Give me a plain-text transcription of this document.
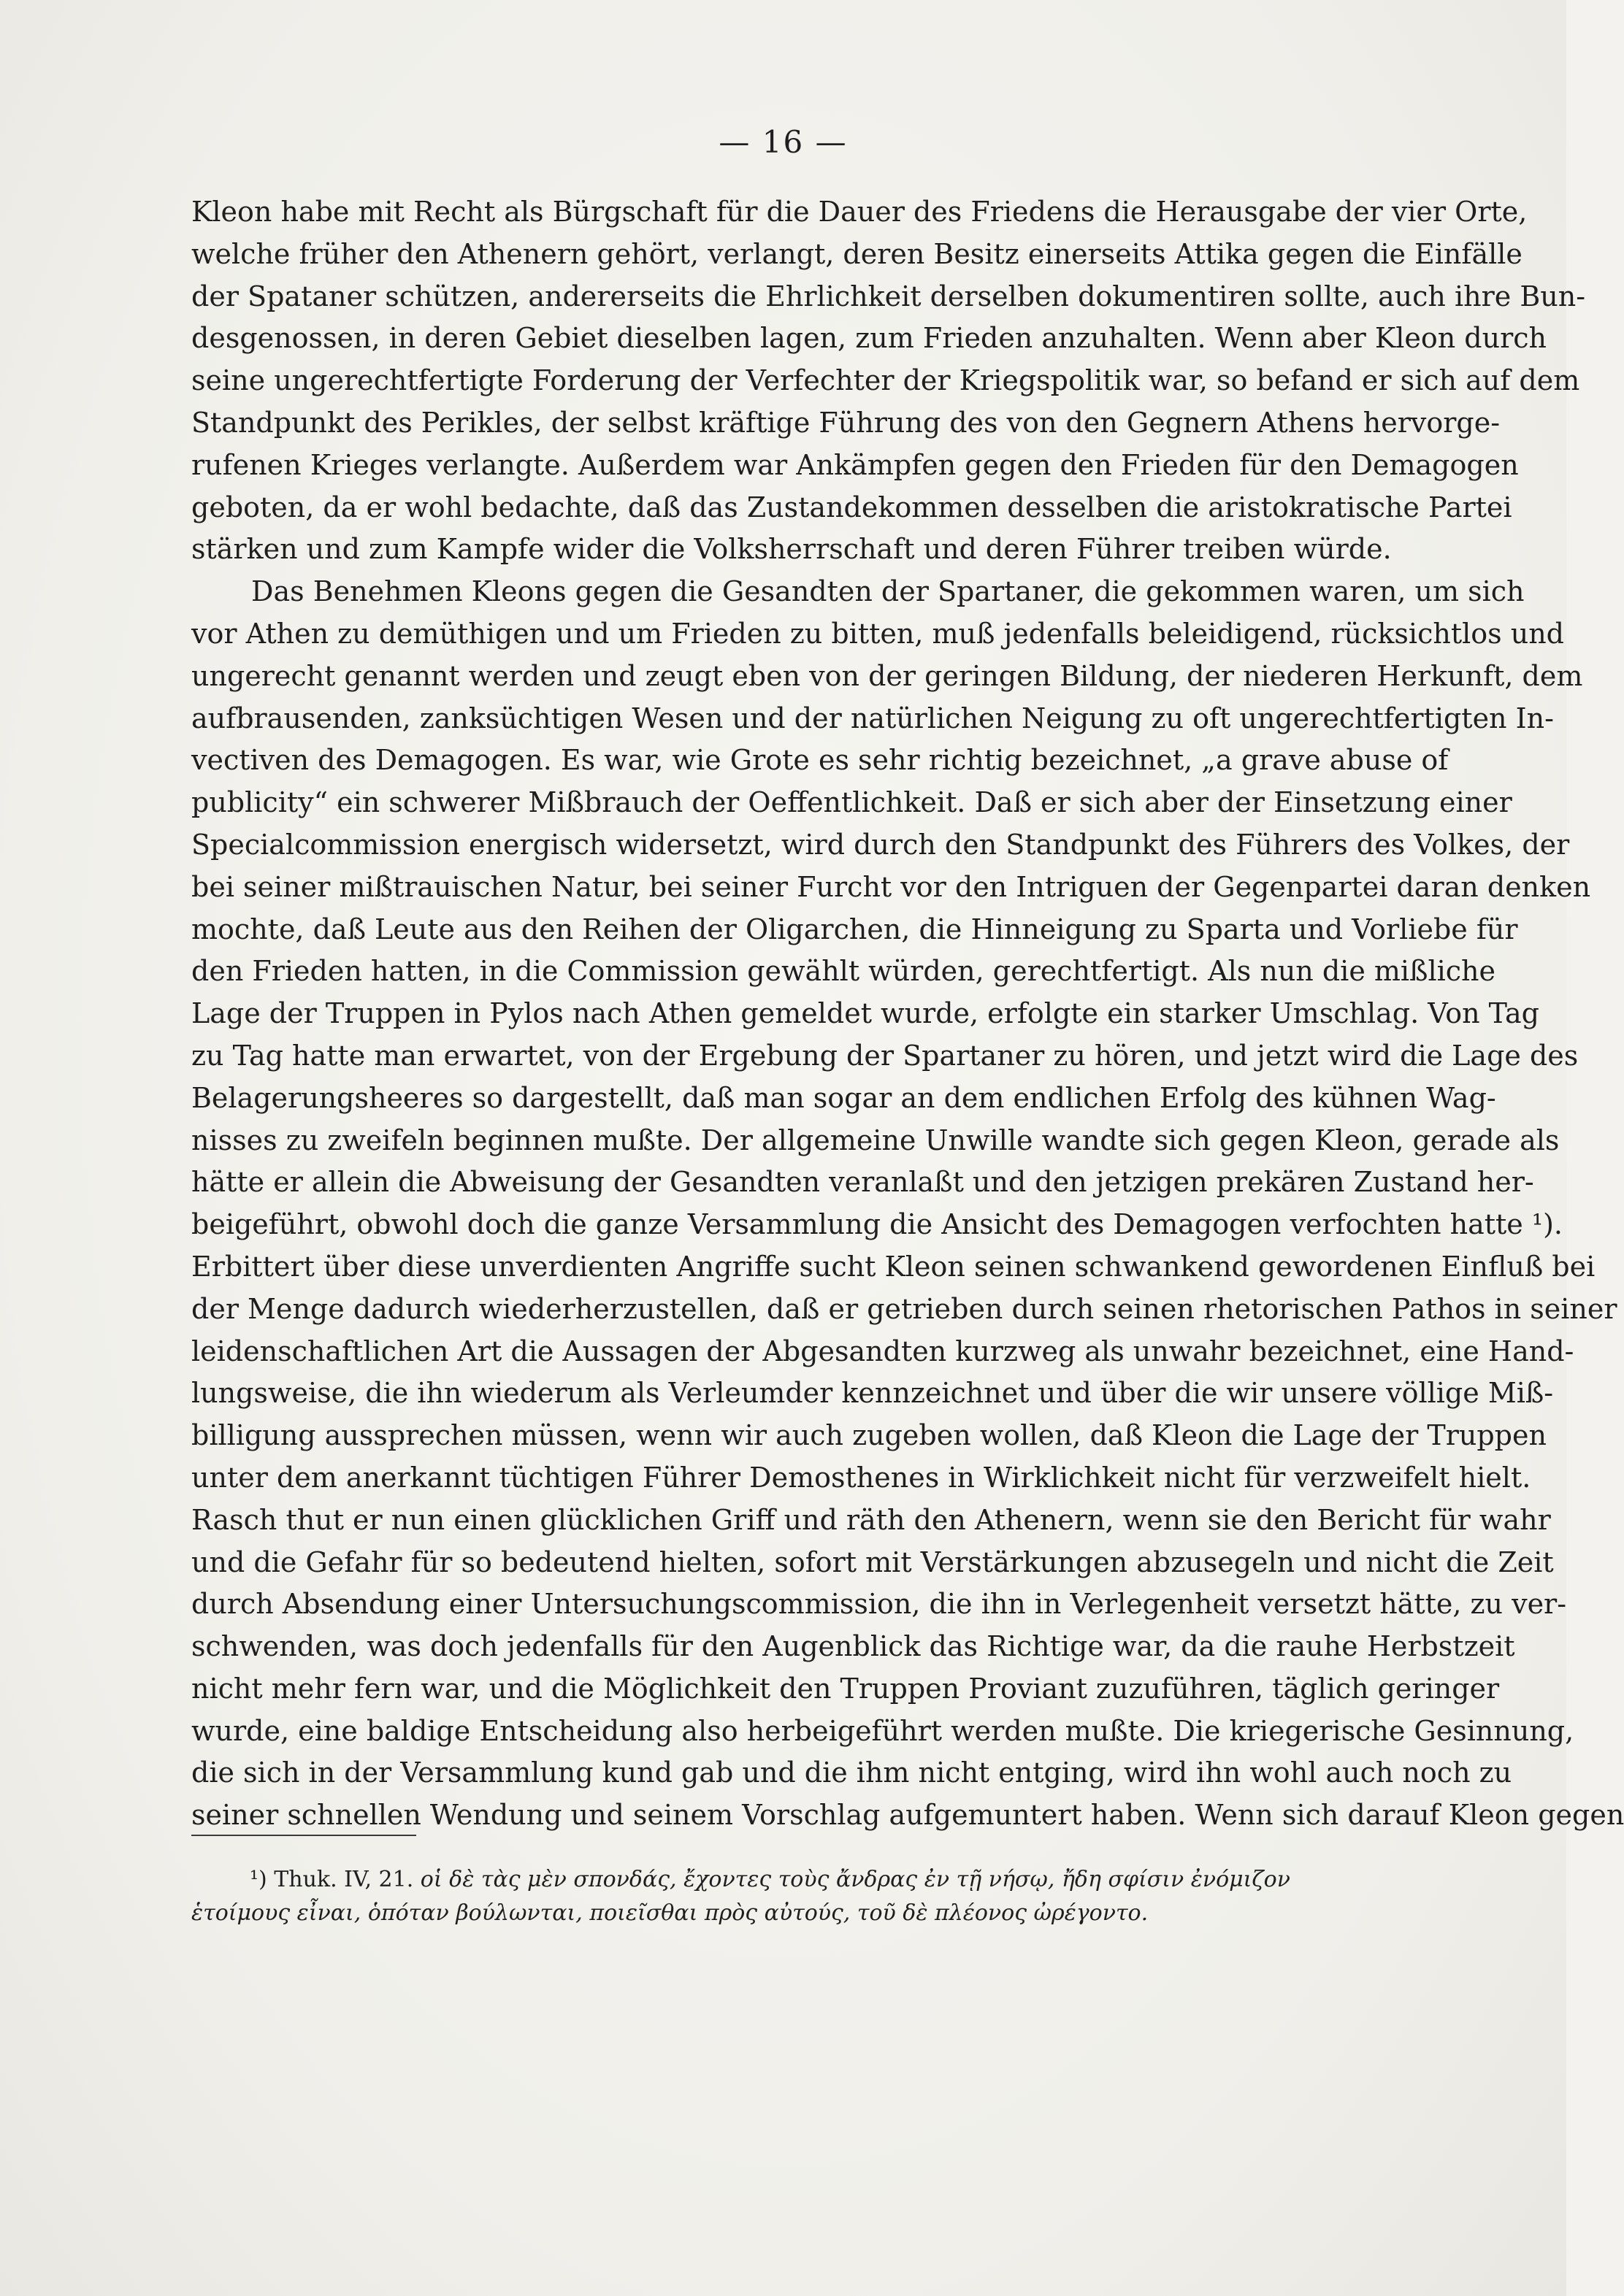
— 16 —
Kleon habe mit Recht als Bürgschaft für die Dauer des Friedens die Herausgabe der vier Orte,
welche früher den Athenern gehört, verlangt, deren Besitz einerseits Attika gegen die Einfälle
der Spataner schützen, andererseits die Ehrlichkeit derselben dokumentiren sollte, auch ihre Bun-
desgenossen, in deren Gebiet dieselben lagen, zum Frieden anzuhalten. Wenn aber Kleon durch
seine ungerechtfertigte Forderung der Verfechter der Kriegspolitik war, so befand er sich auf dem
Standpunkt des Perikles, der selbst kräftige Führung des von den Gegnern Athens hervorge-
rufenen Krieges verlangte. Außerdem war Ankämpfen gegen den Frieden für den Demagogen
geboten, da er wohl bedachte, daß das Zustandekommen desselben die aristokratische Partei
stärken und zum Kampfe wider die Volksherrschaft und deren Führer treiben würde.
Das Benehmen Kleons gegen die Gesandten der Spartaner, die gekommen waren, um sich
vor Athen zu demüthigen und um Frieden zu bitten, muß jedenfalls beleidigend, rücksichtlos und
ungerecht genannt werden und zeugt eben von der geringen Bildung, der niederen Herkunft, dem
aufbrausenden, zanksüchtigen Wesen und der natürlichen Neigung zu oft ungerechtfertigten In-
vectiven des Demagogen. Es war, wie Grote es sehr richtig bezeichnet, „a grave abuse of
publicity“ ein schwerer Mißbrauch der Oeffentlichkeit. Daß er sich aber der Einsetzung einer
Specialcommission energisch widersetzt, wird durch den Standpunkt des Führers des Volkes, der
bei seiner mißtrauischen Natur, bei seiner Furcht vor den Intriguen der Gegenpartei daran denken
mochte, daß Leute aus den Reihen der Oligarchen, die Hinneigung zu Sparta und Vorliebe für
den Frieden hatten, in die Commission gewählt würden, gerechtfertigt. Als nun die mißliche
Lage der Truppen in Pylos nach Athen gemeldet wurde, erfolgte ein starker Umschlag. Von Tag
zu Tag hatte man erwartet, von der Ergebung der Spartaner zu hören, und jetzt wird die Lage des
Belagerungsheeres so dargestellt, daß man sogar an dem endlichen Erfolg des kühnen Wag-
nisses zu zweifeln beginnen mußte. Der allgemeine Unwille wandte sich gegen Kleon, gerade als
hätte er allein die Abweisung der Gesandten veranlaßt und den jetzigen prekären Zustand her-
beigeführt, obwohl doch die ganze Versammlung die Ansicht des Demagogen verfochten hatte ¹).
Erbittert über diese unverdienten Angriffe sucht Kleon seinen schwankend gewordenen Einfluß bei
der Menge dadurch wiederherzustellen, daß er getrieben durch seinen rhetorischen Pathos in seiner
leidenschaftlichen Art die Aussagen der Abgesandten kurzweg als unwahr bezeichnet, eine Hand-
lungsweise, die ihn wiederum als Verleumder kennzeichnet und über die wir unsere völlige Miß-
billigung aussprechen müssen, wenn wir auch zugeben wollen, daß Kleon die Lage der Truppen
unter dem anerkannt tüchtigen Führer Demosthenes in Wirklichkeit nicht für verzweifelt hielt.
Rasch thut er nun einen glücklichen Griff und räth den Athenern, wenn sie den Bericht für wahr
und die Gefahr für so bedeutend hielten, sofort mit Verstärkungen abzusegeln und nicht die Zeit
durch Absendung einer Untersuchungscommission, die ihn in Verlegenheit versetzt hätte, zu ver-
schwenden, was doch jedenfalls für den Augenblick das Richtige war, da die rauhe Herbstzeit
nicht mehr fern war, und die Möglichkeit den Truppen Proviant zuzuführen, täglich geringer
wurde, eine baldige Entscheidung also herbeigeführt werden mußte. Die kriegerische Gesinnung,
die sich in der Versammlung kund gab und die ihm nicht entging, wird ihn wohl auch noch zu
seiner schnellen Wendung und seinem Vorschlag aufgemuntert haben. Wenn sich darauf Kleon gegen
¹) Thuk. IV, 21. οἱ δὲ τὰς μὲν σπονδάς, ἔχοντες τοὺς ἄνδρας ἐν τῇ νήσῳ, ἤδη σφίσιν ἐνόμιζον
ἑτοίμους εἶναι, ὁπόταν βούλωνται, ποιεῖσθαι πρὸς αὐτούς, τοῦ δὲ πλέονος ὠρέγοντο.
